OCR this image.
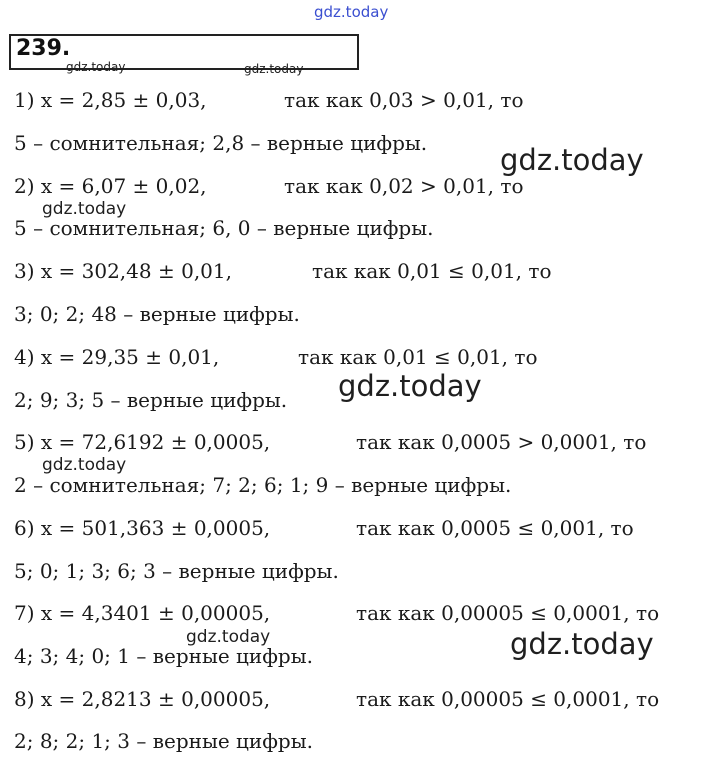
gdz.today
239.
gdz.today	gdz.today
1) x = 2,85 ± 0,03,	так как 0,03 > 0,01, то
5 – сомнительная; 2,8 – верные цифры.	gdz.today
2) x = 6,07 ± 0,02,	так как 0,02 > 0,01, то
gdz.today
5 – сомнительная; 6, 0 – верные цифры.
3) x = 302,48 ± 0,01,	так как 0,01 ≤ 0,01, то
3; 0; 2; 48 – верные цифры.
4) x = 29,35 ± 0,01,	так как 0,01 ≤ 0,01, то
gdz.today
2; 9; 3; 5 – верные цифры.
5) x = 72,6192 ± 0,0005,	так как 0,0005 > 0,0001, то
gdz.today
2 – сомнительная; 7; 2; 6; 1; 9 – верные цифры.
6) x = 501,363 ± 0,0005,	так как 0,0005 ≤ 0,001, то
5; 0; 1; 3; 6; 3 – верные цифры.
7) x = 4,3401 ± 0,00005,	так как 0,00005 ≤ 0,0001, то
gdz.today	gdz.today
4; 3; 4; 0; 1 – верные цифры.
8) x = 2,8213 ± 0,00005,	так как 0,00005 ≤ 0,0001, то
2; 8; 2; 1; 3 – верные цифры.
